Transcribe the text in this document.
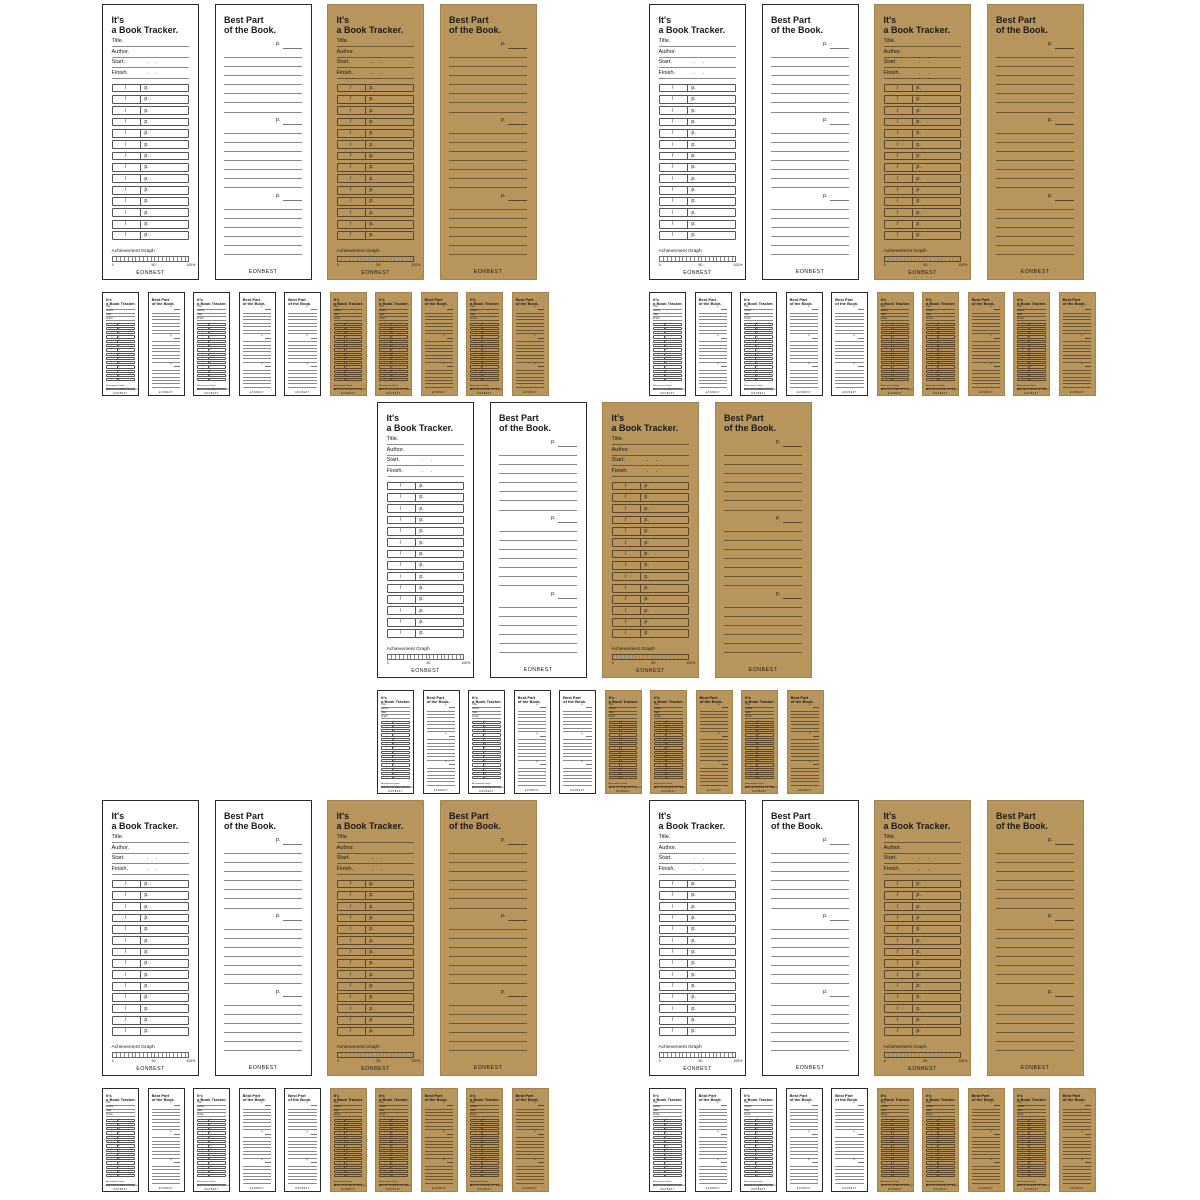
It's
a Book Tracker.
Title.
Author.
Start.	.     .
Finish.	.     .
/	p.
/	p.
/	p.
/	p.
/	p.
/	p.
/	p.
/	p.
/	p.
/	p.
/	p.
/	p.
/	p.
/	p.
Achievement Graph
0	50	100%
EONBEST
Best Part
of the Book.
p.
p.
p.
EONBEST
It's
a Book Tracker.
Title.
Author.
Start.	.     .
Finish.	.     .
/	p.
/	p.
/	p.
/	p.
/	p.
/	p.
/	p.
/	p.
/	p.
/	p.
/	p.
/	p.
/	p.
/	p.
Achievement Graph
0	50	100%
EONBEST
Best Part
of the Book.
p.
p.
p.
EONBEST
It's
a Book Tracker.
Title.
Author.
Start.	.     .
Finish. .     .
/	p.
/	p.
/	p.
/	p.
/	p.
/	p.
/	p.
/	p.
/	p.
/	p.
/	p.
/	p.
/	p.
/	p.
Achievement Graph
0	50	100%
EONBEST
Best Part
of the Book.
p.
p.
p.
EONBEST
It's
a Book Tracker.
Title.
Author.
Start.	.     .
Finish. .     .
/	p.
/	p.
/	p.
/	p.
/	p.
/	p.
/	p.
/	p.
/	p.
/	p.
/	p.
/	p.
/	p.
/	p.
Achievement Graph
0	50	100%
EONBEST
Best Part
of the Book.
p.
p.
p.
EONBEST
Best Part
of the Book.
p.
p.
p.
EONBEST
It's
a Book Tracker.
Title.
Author.
Start.	.     .
Finish. .     .
/	p.
/	p.
/	p.
/	p.
/	p.
/	p.
/	p.
/	p.
/	p.
/	p.
/	p.
/	p.
/	p.
/	p.
Achievement Graph
0	50	100%
EONBEST
It's
a Book Tracker.
Title.
Author.
Start.	.     .
Finish. .     .
/	p.
/	p.
/	p.
/	p.
/	p.
/	p.
/	p.
/	p.
/	p.
/	p.
/	p.
/	p.
/	p.
/	p.
Achievement Graph
0	50	100%
EONBEST
Best Part
of the Book.
p.
p.
p.
EONBEST
It's
a Book Tracker.
Title.
Author.
Start.	.     .
Finish. .     .
/	p.
/	p.
/	p.
/	p.
/	p.
/	p.
/	p.
/	p.
/	p.
/	p.
/	p.
/	p.
/	p.
/	p.
Achievement Graph
0	50	100%
EONBEST
Best Part
of the Book.
p.
p.
p.
EONBEST
It's
a Book Tracker.
Title.
Author.
Start.	.     .
Finish.	.     .
/	p.
/	p.
/	p.
/	p.
/	p.
/	p.
/	p.
/	p.
/	p.
/	p.
/	p.
/	p.
/	p.
/	p.
Achievement Graph
0	50	100%
EONBEST
Best Part
of the Book.
p.
p.
p.
EONBEST
It's
a Book Tracker.
Title.
Author.
Start.	.     .
Finish.	.     .
/	p.
/	p.
/	p.
/	p.
/	p.
/	p.
/	p.
/	p.
/	p.
/	p.
/	p.
/	p.
/	p.
/	p.
Achievement Graph
0	50	100%
EONBEST
Best Part
of the Book.
p.
p.
p.
EONBEST
It's
a Book Tracker.
Title.
Author.
Start.	.     .
Finish. .     .
/	p.
/	p.
/	p.
/	p.
/	p.
/	p.
/	p.
/	p.
/	p.
/	p.
/	p.
/	p.
/	p.
/	p.
Achievement Graph
0	50	100%
EONBEST
Best Part
of the Book.
p.
p.
p.
EONBEST
It's
a Book Tracker.
Title.
Author.
Start.	.     .
Finish. .     .
/	p.
/	p.
/	p.
/	p.
/	p.
/	p.
/	p.
/	p.
/	p.
/	p.
/	p.
/	p.
/	p.
/	p.
Achievement Graph
0	50	100%
EONBEST
Best Part
of the Book.
p.
p.
p.
EONBEST
Best Part
of the Book.
p.
p.
p.
EONBEST
It's
a Book Tracker.
Title.
Author.
Start.	.     .
Finish. .     .
/	p.
/	p.
/	p.
/	p.
/	p.
/	p.
/	p.
/	p.
/	p.
/	p.
/	p.
/	p.
/	p.
/	p.
Achievement Graph
0	50	100%
EONBEST
It's
a Book Tracker.
Title.
Author.
Start.	.     .
Finish. .     .
/	p.
/	p.
/	p.
/	p.
/	p.
/	p.
/	p.
/	p.
/	p.
/	p.
/	p.
/	p.
/	p.
/	p.
Achievement Graph
0	50	100%
EONBEST
Best Part
of the Book.
p.
p.
p.
EONBEST
It's
a Book Tracker.
Title.
Author.
Start.	.     .
Finish. .     .
/	p.
/	p.
/	p.
/	p.
/	p.
/	p.
/	p.
/	p.
/	p.
/	p.
/	p.
/	p.
/	p.
/	p.
Achievement Graph
0	50	100%
EONBEST
Best Part
of the Book.
p.
p.
p.
EONBEST
It's
a Book Tracker.
Title.
Author.
Start.	.     .
Finish.	.     .
/	p.
/	p.
/	p.
/	p.
/	p.
/	p.
/	p.
/	p.
/	p.
/	p.
/	p.
/	p.
/	p.
/	p.
Achievement Graph
0	50	100%
EONBEST
Best Part
of the Book.
p.
p.
p.
EONBEST
It's
a Book Tracker.
Title.
Author.
Start.	.     .
Finish.	.     .
/	p.
/	p.
/	p.
/	p.
/	p.
/	p.
/	p.
/	p.
/	p.
/	p.
/	p.
/	p.
/	p.
/	p.
Achievement Graph
0	50	100%
EONBEST
Best Part
of the Book.
p.
p.
p.
EONBEST
It's
a Book Tracker.
Title.
Author.
Start.	.     .
Finish. .     .
/	p.
/	p.
/	p.
/	p.
/	p.
/	p.
/	p.
/	p.
/	p.
/	p.
/	p.
/	p.
/	p.
/	p.
Achievement Graph
0	50	100%
EONBEST
Best Part
of the Book.
p.
p.
p.
EONBEST
It's
a Book Tracker.
Title.
Author.
Start.	.     .
Finish. .     .
/	p.
/	p.
/	p.
/	p.
/	p.
/	p.
/	p.
/	p.
/	p.
/	p.
/	p.
/	p.
/	p.
/	p.
Achievement Graph
0	50	100%
EONBEST
Best Part
of the Book.
p.
p.
p.
EONBEST
Best Part
of the Book.
p.
p.
p.
EONBEST
It's
a Book Tracker.
Title.
Author.
Start.	.     .
Finish. .     .
/	p.
/	p.
/	p.
/	p.
/	p.
/	p.
/	p.
/	p.
/	p.
/	p.
/	p.
/	p.
/	p.
/	p.
Achievement Graph
0	50	100%
EONBEST
It's
a Book Tracker.
Title.
Author.
Start.	.     .
Finish. .     .
/	p.
/	p.
/	p.
/	p.
/	p.
/	p.
/	p.
/	p.
/	p.
/	p.
/	p.
/	p.
/	p.
/	p.
Achievement Graph
0	50	100%
EONBEST
Best Part
of the Book.
p.
p.
p.
EONBEST
It's
a Book Tracker.
Title.
Author.
Start.	.     .
Finish. .     .
/	p.
/	p.
/	p.
/	p.
/	p.
/	p.
/	p.
/	p.
/	p.
/	p.
/	p.
/	p.
/	p.
/	p.
Achievement Graph
0	50	100%
EONBEST
Best Part
of the Book.
p.
p.
p.
EONBEST
It's
a Book Tracker.
Title.
Author.
Start.	.     .
Finish.	.     .
/	p.
/	p.
/	p.
/	p.
/	p.
/	p.
/	p.
/	p.
/	p.
/	p.
/	p.
/	p.
/	p.
/	p.
Achievement Graph
0	50	100%
EONBEST
Best Part
of the Book.
p.
p.
p.
EONBEST
It's
a Book Tracker.
Title.
Author.
Start.	.     .
Finish.	.     .
/	p.
/	p.
/	p.
/	p.
/	p.
/	p.
/	p.
/	p.
/	p.
/	p.
/	p.
/	p.
/	p.
/	p.
Achievement Graph
0	50	100%
EONBEST
Best Part
of the Book.
p.
p.
p.
EONBEST
It's
a Book Tracker.
Title.
Author.
Start.	.     .
Finish. .     .
/	p.
/	p.
/	p.
/	p.
/	p.
/	p.
/	p.
/	p.
/	p.
/	p.
/	p.
/	p.
/	p.
/	p.
Achievement Graph
0	50	100%
EONBEST
Best Part
of the Book.
p.
p.
p.
EONBEST
It's
a Book Tracker.
Title.
Author.
Start.	.     .
Finish. .     .
/	p.
/	p.
/	p.
/	p.
/	p.
/	p.
/	p.
/	p.
/	p.
/	p.
/	p.
/	p.
/	p.
/	p.
Achievement Graph
0	50	100%
EONBEST
Best Part
of the Book.
p.
p.
p.
EONBEST
Best Part
of the Book.
p.
p.
p.
EONBEST
It's
a Book Tracker.
Title.
Author.
Start.	.     .
Finish. .     .
/	p.
/	p.
/	p.
/	p.
/	p.
/	p.
/	p.
/	p.
/	p.
/	p.
/	p.
/	p.
/	p.
/	p.
Achievement Graph
0	50	100%
EONBEST
It's
a Book Tracker.
Title.
Author.
Start.	.     .
Finish. .     .
/	p.
/	p.
/	p.
/	p.
/	p.
/	p.
/	p.
/	p.
/	p.
/	p.
/	p.
/	p.
/	p.
/	p.
Achievement Graph
0	50	100%
EONBEST
Best Part
of the Book.
p.
p.
p.
EONBEST
It's
a Book Tracker.
Title.
Author.
Start.	.     .
Finish. .     .
/	p.
/	p.
/	p.
/	p.
/	p.
/	p.
/	p.
/	p.
/	p.
/	p.
/	p.
/	p.
/	p.
/	p.
Achievement Graph
0	50	100%
EONBEST
Best Part
of the Book.
p.
p.
p.
EONBEST
It's
a Book Tracker.
Title.
Author.
Start.	.     .
Finish.	.     .
/	p.
/	p.
/	p.
/	p.
/	p.
/	p.
/	p.
/	p.
/	p.
/	p.
/	p.
/	p.
/	p.
/	p.
Achievement Graph
0	50	100%
EONBEST
Best Part
of the Book.
p.
p.
p.
EONBEST
It's
a Book Tracker.
Title.
Author.
Start.	.     .
Finish.	.     .
/	p.
/	p.
/	p.
/	p.
/	p.
/	p.
/	p.
/	p.
/	p.
/	p.
/	p.
/	p.
/	p.
/	p.
Achievement Graph
0	50	100%
EONBEST
Best Part
of the Book.
p.
p.
p.
EONBEST
It's
a Book Tracker.
Title.
Author.
Start.	.     .
Finish. .     .
/	p.
/	p.
/	p.
/	p.
/	p.
/	p.
/	p.
/	p.
/	p.
/	p.
/	p.
/	p.
/	p.
/	p.
Achievement Graph
0	50	100%
EONBEST
Best Part
of the Book.
p.
p.
p.
EONBEST
It's
a Book Tracker.
Title.
Author.
Start.	.     .
Finish. .     .
/	p.
/	p.
/	p.
/	p.
/	p.
/	p.
/	p.
/	p.
/	p.
/	p.
/	p.
/	p.
/	p.
/	p.
Achievement Graph
0	50	100%
EONBEST
Best Part
of the Book.
p.
p.
p.
EONBEST
Best Part
of the Book.
p.
p.
p.
EONBEST
It's
a Book Tracker.
Title.
Author.
Start.	.     .
Finish. .     .
/	p.
/	p.
/	p.
/	p.
/	p.
/	p.
/	p.
/	p.
/	p.
/	p.
/	p.
/	p.
/	p.
/	p.
Achievement Graph
0	50	100%
EONBEST
It's
a Book Tracker.
Title.
Author.
Start.	.     .
Finish. .     .
/	p.
/	p.
/	p.
/	p.
/	p.
/	p.
/	p.
/	p.
/	p.
/	p.
/	p.
/	p.
/	p.
/	p.
Achievement Graph
0	50	100%
EONBEST
Best Part
of the Book.
p.
p.
p.
EONBEST
It's
a Book Tracker.
Title.
Author.
Start.	.     .
Finish. .     .
/	p.
/	p.
/	p.
/	p.
/	p.
/	p.
/	p.
/	p.
/	p.
/	p.
/	p.
/	p.
/	p.
/	p.
Achievement Graph
0	50	100%
EONBEST
Best Part
of the Book.
p.
p.
p.
EONBEST
